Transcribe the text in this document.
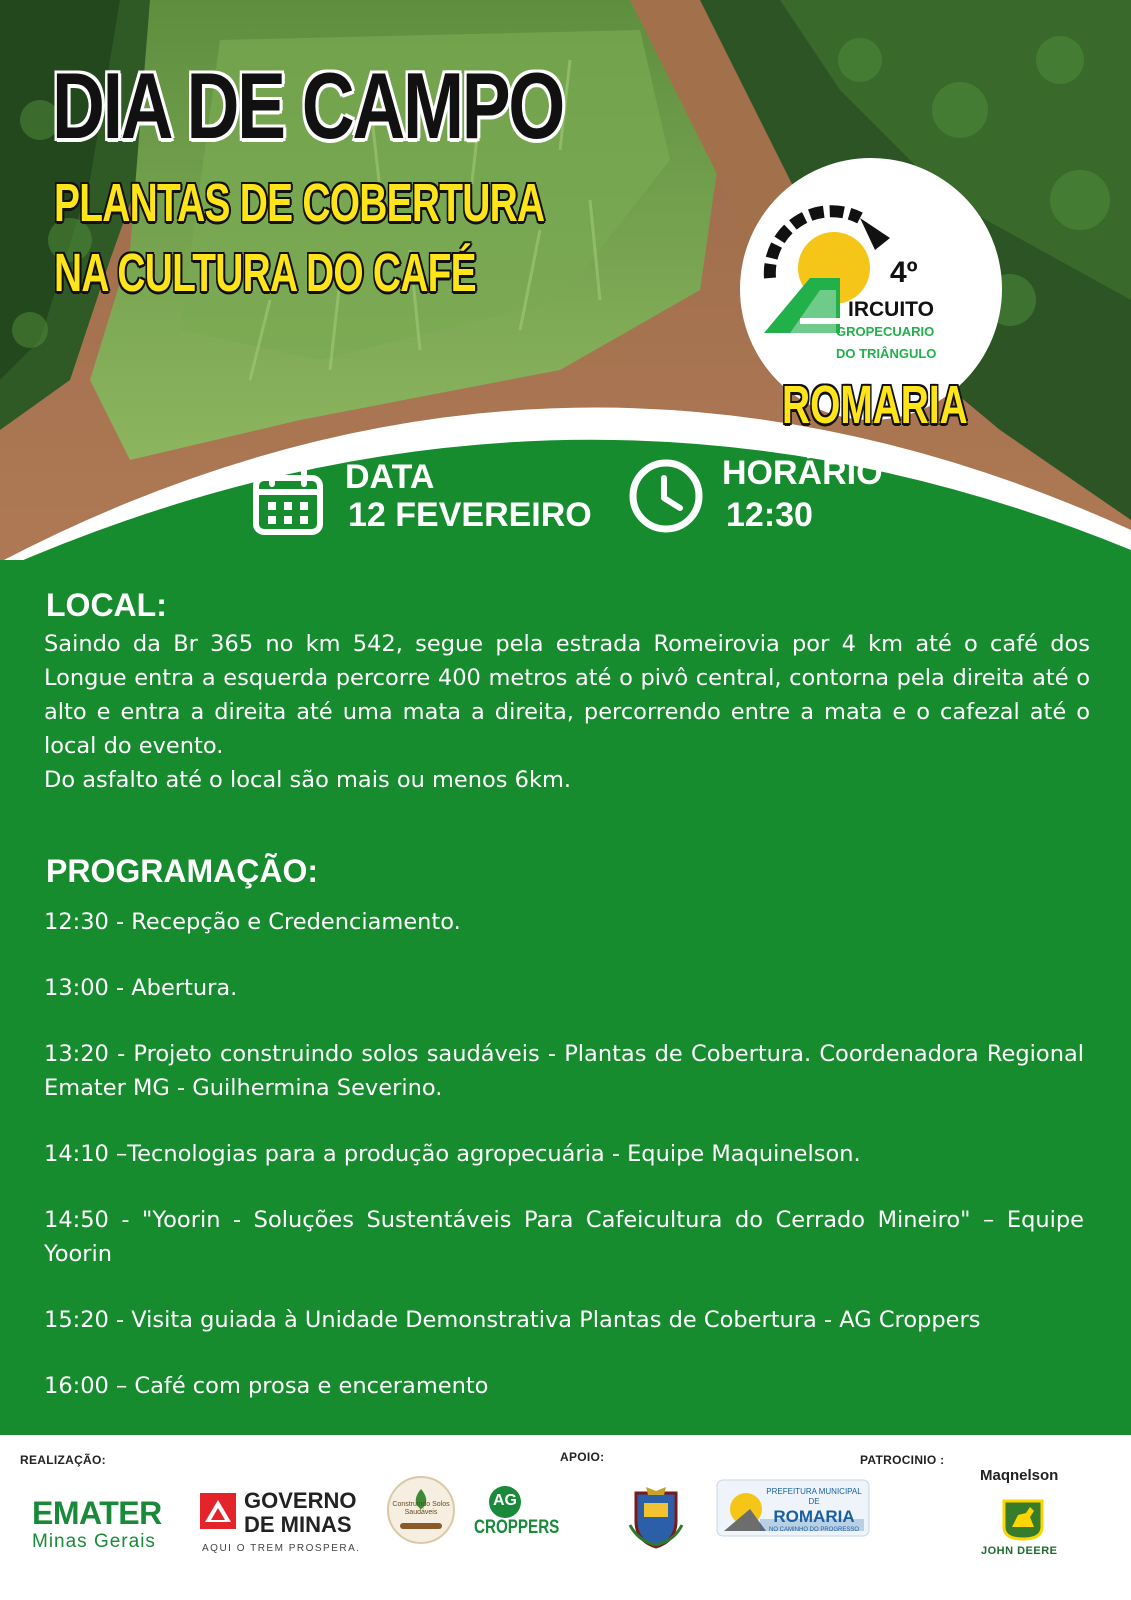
DIA DE CAMPO
PLANTAS DE COBERTURA
NA CULTURA DO CAFÉ	4º
IRCUITO
GROPECUARIO
DO TRIÂNGULO
ROMARIA
DATA
12 FEVEREIRO
HORÁRIO
12:30
LOCAL:

Saindo da Br 365 no km 542, segue pela estrada Romeirovia por 4 km até o café dos Longue entra a esquerda percorre 400 metros até o pivô central, contorna pela direita até o alto e entra a direita até uma mata a direita, percorrendo entre a mata e o cafezal até o local do evento.
Do asfalto até o local são mais ou menos 6km.

PROGRAMAÇÃO:
12:30 - Recepção e Credenciamento.
13:00 - Abertura.
13:20 - Projeto construindo solos saudáveis - Plantas de Cobertura. Coordenadora Regional Emater MG - Guilhermina Severino.
14:10 –Tecnologias para a produção agropecuária - Equipe Maquinelson.
14:50 - "Yoorin - Soluções Sustentáveis Para Cafeicultura do Cerrado Mineiro" – Equipe Yoorin
15:20 - Visita guiada à Unidade Demonstrativa Plantas de Cobertura - AG Croppers
16:00 – Café com prosa e enceramento
REALIZAÇÃO:	APOIO:	PATROCINIO :
EMATER
Minas Gerais
GOVERNO DE MINAS
AQUI O TREM PROSPERA.
Construindo Solos Saudáveis
AG
CROPPERS
PREFEITURA MUNICIPAL DE
ROMARIA
NO CAMINHO DO PROGRESSO
Maqnelson
JOHN DEERE
